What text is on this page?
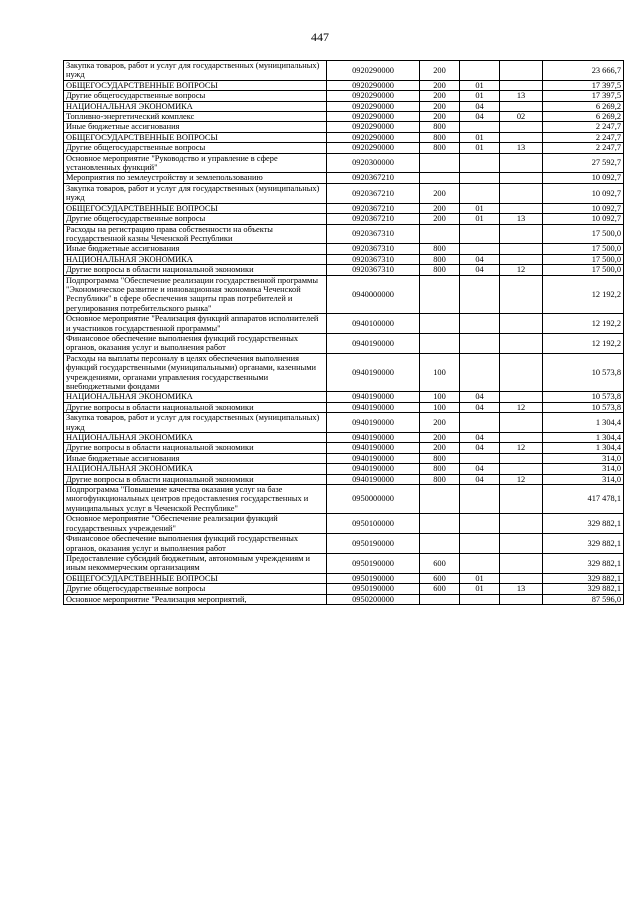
447
Закупка товаров, работ и услуг для государственных (муниципальных) нужд	0920290000	200			23 666,7
ОБЩЕГОСУДАРСТВЕННЫЕ ВОПРОСЫ	0920290000	200	01		17 397,5
Другие общегосударственные вопросы	0920290000	200	01	13	17 397,5
НАЦИОНАЛЬНАЯ ЭКОНОМИКА	0920290000	200	04		6 269,2
Топливно-энергетический комплекс	0920290000	200	04	02	6 269,2
Иные бюджетные ассигнования	0920290000	800			2 247,7
ОБЩЕГОСУДАРСТВЕННЫЕ ВОПРОСЫ	0920290000	800	01		2 247,7
Другие общегосударственные вопросы	0920290000	800	01	13	2 247,7
Основное мероприятие "Руководство и управление в сфере установленных функций"	0920300000				27 592,7
Мероприятия по землеустройству и землепользованию	0920367210				10 092,7
Закупка товаров, работ и услуг для государственных (муниципальных) нужд	0920367210	200			10 092,7
ОБЩЕГОСУДАРСТВЕННЫЕ ВОПРОСЫ	0920367210	200	01		10 092,7
Другие общегосударственные вопросы	0920367210	200	01	13	10 092,7
Расходы на регистрацию права собственности на объекты государственной казны Чеченской Республики	0920367310				17 500,0
Иные бюджетные ассигнования	0920367310	800			17 500,0
НАЦИОНАЛЬНАЯ ЭКОНОМИКА	0920367310	800	04		17 500,0
Другие вопросы в области национальной экономики	0920367310	800	04	12	17 500,0
Подпрограмма "Обеспечение реализации государственной программы "Экономическое развитие и инновационная экономика Чеченской Республики" в сфере обеспечения защиты прав потребителей и регулирования потребительского рынка"	0940000000				12 192,2
Основное мероприятие "Реализация функций аппаратов исполнителей и участников государственной программы"	0940100000				12 192,2
Финансовое обеспечение выполнения функций государственных органов, оказания услуг и выполнения работ	0940190000				12 192,2
Расходы на выплаты персоналу в целях обеспечения выполнения функций государственными (муниципальными) органами, казенными учреждениями, органами управления государственными внебюджетными фондами	0940190000	100			10 573,8
НАЦИОНАЛЬНАЯ ЭКОНОМИКА	0940190000	100	04		10 573,8
Другие вопросы в области национальной экономики	0940190000	100	04	12	10 573,8
Закупка товаров, работ и услуг для государственных (муниципальных) нужд	0940190000	200			1 304,4
НАЦИОНАЛЬНАЯ ЭКОНОМИКА	0940190000	200	04		1 304,4
Другие вопросы в области национальной экономики	0940190000	200	04	12	1 304,4
Иные бюджетные ассигнования	0940190000	800			314,0
НАЦИОНАЛЬНАЯ ЭКОНОМИКА	0940190000	800	04		314,0
Другие вопросы в области национальной экономики	0940190000	800	04	12	314,0
Подпрограмма "Повышение качества оказания услуг на базе многофункциональных центров предоставления государственных и муниципальных услуг в Чеченской Республике"	0950000000				417 478,1
Основное мероприятие "Обеспечение реализации функций государственных учреждений"	0950100000				329 882,1
Финансовое обеспечение выполнения функций государственных органов, оказания услуг и выполнения работ	0950190000				329 882,1
Предоставление субсидий бюджетным, автономным учреждениям и иным некоммерческим организациям	0950190000	600			329 882,1
ОБЩЕГОСУДАРСТВЕННЫЕ ВОПРОСЫ	0950190000	600	01		329 882,1
Другие общегосударственные вопросы	0950190000	600	01	13	329 882,1
Основное мероприятие "Реализация мероприятий,	0950200000				87 596,0
